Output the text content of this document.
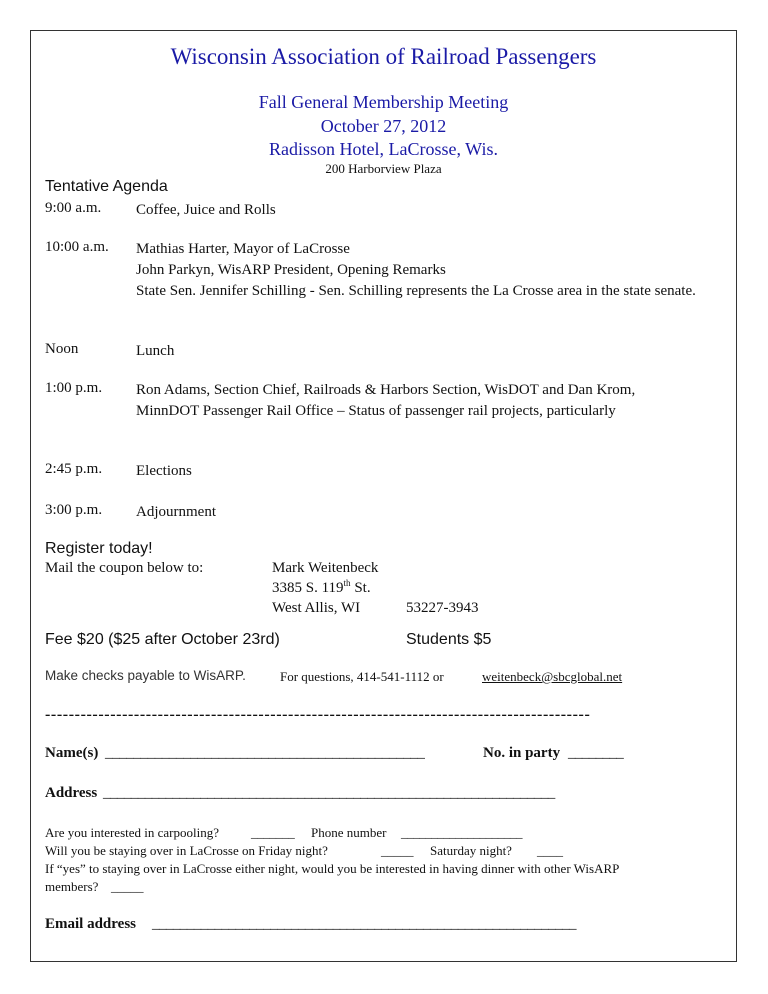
Wisconsin Association of Railroad Passengers
Fall General Membership Meeting
October 27, 2012
Radisson Hotel, LaCrosse, Wis.
200 Harborview Plaza
Tentative Agenda
9:00 a.m. Coffee, Juice and Rolls
10:00 a.m. Mathias Harter, Mayor of LaCrosse
John Parkyn, WisARP President, Opening Remarks
State Sen. Jennifer Schilling - Sen. Schilling represents the La Crosse area in the state senate.
Noon	Lunch
1:00 p.m. Ron Adams, Section Chief, Railroads & Harbors Section, WisDOT and Dan Krom, MinnDOT Passenger Rail Office – Status of passenger rail projects, particularly
2:45 p.m. Elections
3:00 p.m. Adjournment
Register today!
Mail the coupon below to:	Mark Weitenbeck
3385 S. 119th St.
West Allis, WI	53227-3943
Fee $20 ($25 after October 23rd)	Students $5
Make checks payable to WisARP.	For questions, 414-541-1112 or	weitenbeck@sbcglobal.net
--------------------------------------------------------------------------------------------
Name(s) _____________________________________________	No. in party ________
Address _________________________________________________________________
Are you interested in carpooling? _______ Phone number ____________________
Will you be staying over in LaCrosse on Friday night?	_____ Saturday night? ____
If “yes” to staying over in LaCrosse either night, would you be interested in having dinner with other WisARP
members? _____
Email address _____________________________________________________________
